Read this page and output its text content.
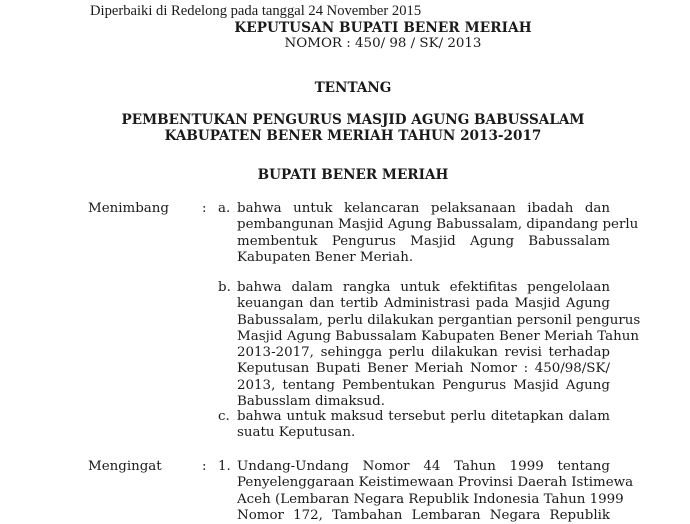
Diperbaiki di Redelong pada tanggal 24 November 2015
KEPUTUSAN BUPATI BENER MERIAH
NOMOR : 450/ 98 / SK/ 2013
TENTANG
PEMBENTUKAN PENGURUS MASJID AGUNG BABUSSALAM
KABUPATEN BENER MERIAH TAHUN 2013-2017
BUPATI BENER MERIAH
Menimbang : a. bahwa untuk kelancaran pelaksanaan ibadah dan
pembangunan Masjid Agung Babussalam, dipandang perlu
membentuk Pengurus Masjid Agung Babussalam
Kabupaten Bener Meriah.
b. bahwa dalam rangka untuk efektifitas pengelolaan
keuangan dan tertib Administrasi pada Masjid Agung
Babussalam, perlu dilakukan pergantian personil pengurus
Masjid Agung Babussalam Kabupaten Bener Meriah Tahun
2013-2017, sehingga perlu dilakukan revisi terhadap
Keputusan Bupati Bener Meriah Nomor : 450/98/SK/
2013, tentang Pembentukan Pengurus Masjid Agung
Babusslam dimaksud.
c. bahwa untuk maksud tersebut perlu ditetapkan dalam
suatu Keputusan.
Mengingat	: 1. Undang-Undang Nomor 44 Tahun 1999 tentang
Penyelenggaraan Keistimewaan Provinsi Daerah Istimewa
Aceh (Lembaran Negara Republik Indonesia Tahun 1999
Nomor 172, Tambahan Lembaran Negara Republik
